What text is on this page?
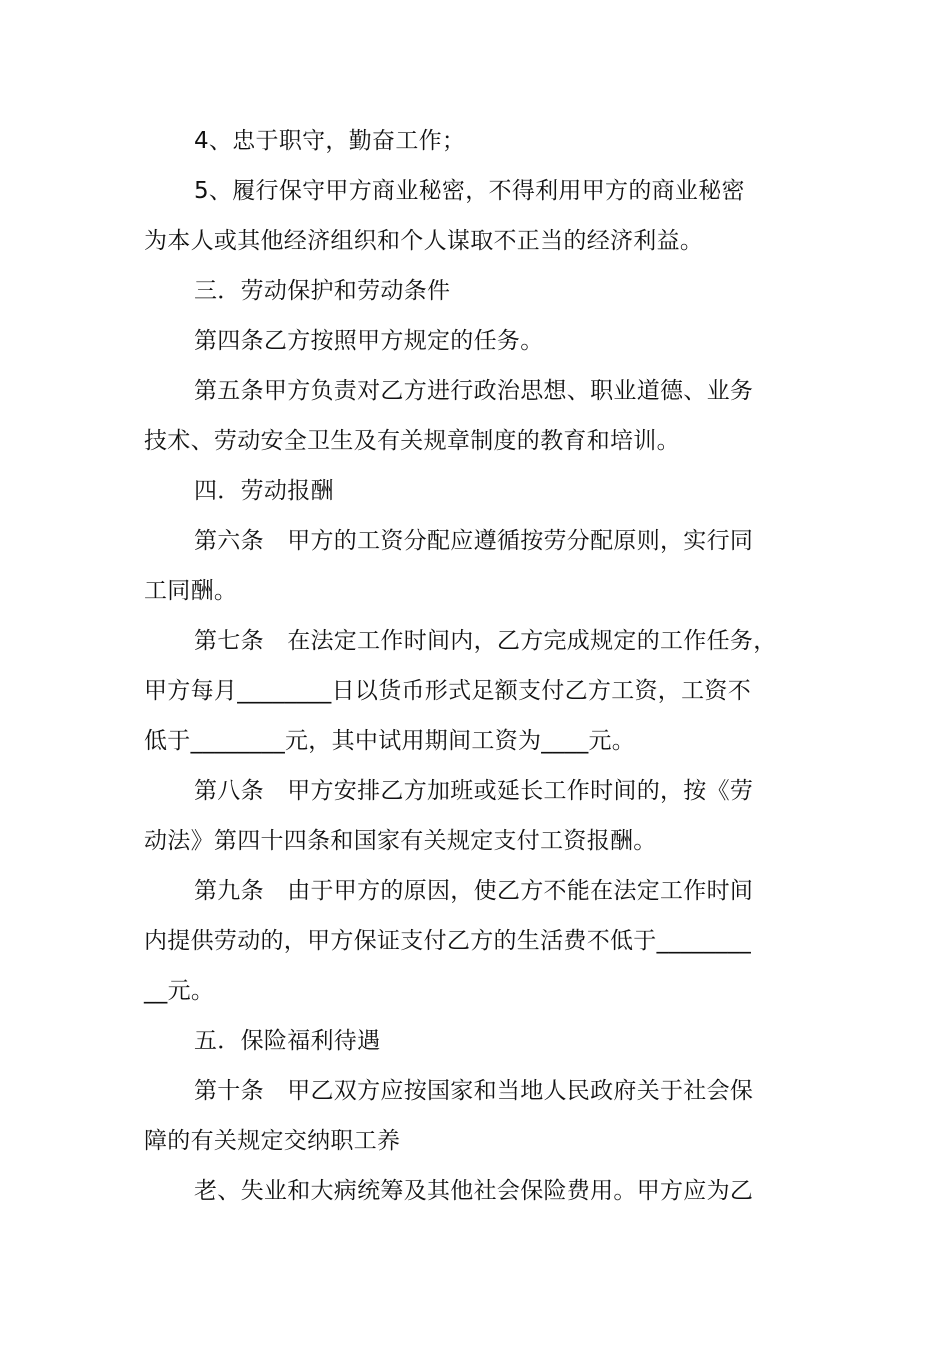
4、忠于职守，勤奋工作；
5、履行保守甲方商业秘密，不得利用甲方的商业秘密
为本人或其他经济组织和个人谋取不正当的经济利益。
三．劳动保护和劳动条件
第四条乙方按照甲方规定的任务。
第五条甲方负责对乙方进行政治思想、职业道德、业务
技术、劳动安全卫生及有关规章制度的教育和培训。
四．劳动报酬
第六条　甲方的工资分配应遵循按劳分配原则，实行同
工同酬。
第七条　在法定工作时间内，乙方完成规定的工作任务，
甲方每月________日以货币形式足额支付乙方工资，工资不
低于________元，其中试用期间工资为____元。
第八条　甲方安排乙方加班或延长工作时间的，按《劳
动法》第四十四条和国家有关规定支付工资报酬。
第九条　由于甲方的原因，使乙方不能在法定工作时间
内提供劳动的，甲方保证支付乙方的生活费不低于________
__元。
五．保险福利待遇
第十条　甲乙双方应按国家和当地人民政府关于社会保
障的有关规定交纳职工养
老、失业和大病统筹及其他社会保险费用。甲方应为乙
